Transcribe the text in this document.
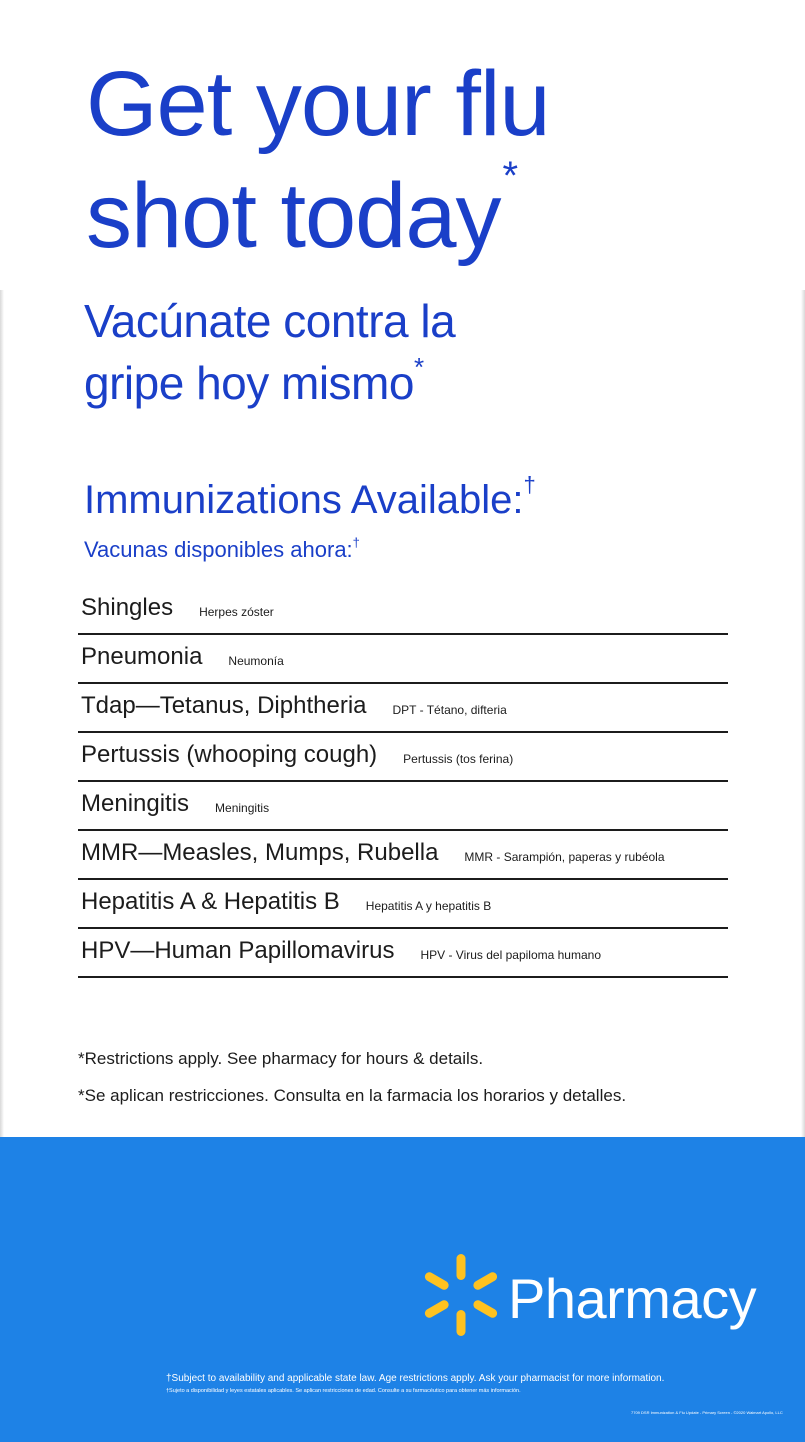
Get your flu
shot today*
Vacúnate contra la
gripe hoy mismo*
Immunizations Available:†

Vacunas disponibles ahora:†

Shingles Herpes zóster
Pneumonia Neumonía
Tdap—Tetanus, Diphtheria DPT - Tétano, difteria
Pertussis (whooping cough) Pertussis (tos ferina)
Meningitis Meningitis
MMR—Measles, Mumps, Rubella MMR - Sarampión, paperas y rubéola
Hepatitis A & Hepatitis B Hepatitis A y hepatitis B
HPV—Human Papillomavirus HPV - Virus del papiloma humano

*Restrictions apply. See pharmacy for hours & details.

*Se aplican restricciones. Consulta en la farmacia los horarios y detalles.

Pharmacy
†Subject to availability and applicable state law. Age restrictions apply. Ask your pharmacist for more information.
†Sujeto a disponibilidad y leyes estatales aplicables. Se aplican restricciones de edad. Consulte a su farmacéutico para obtener más información.
7709 DSR Immunization & Flu Update - Primary Screen - ©2020 Walmart Apollo, LLC
